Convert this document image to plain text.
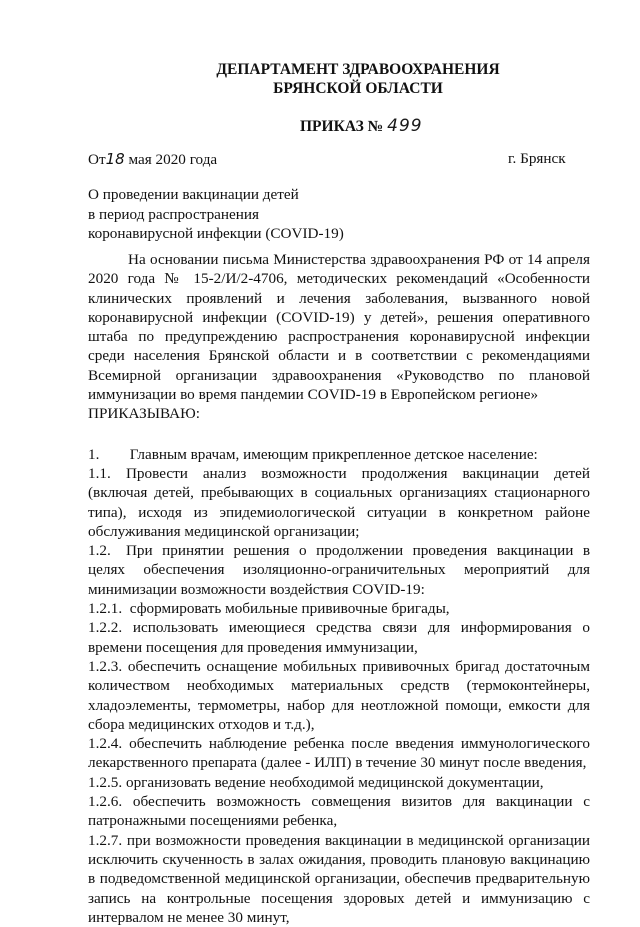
ДЕПАРТАМЕНТ ЗДРАВООХРАНЕНИЯ
БРЯНСКОЙ ОБЛАСТИ
ПРИКАЗ № 499
От18 мая 2020 года	г. Брянск
О проведении вакцинации детей
в период распространения
коронавирусной инфекции (COVID-19)

На основании письма Министерства здравоохранения РФ от 14 апреля 2020 года № 15-2/И/2-4706, методических рекомендаций «Особенности клинических проявлений и лечения заболевания, вызванного новой коронавирусной инфекции (COVID-19) у детей», решения оперативного штаба по предупреждению распространения коронавирусной инфекции среди населения Брянской области и в соответствии с рекомендациями Всемирной организации здравоохранения «Руководство по плановой иммунизации во время пандемии COVID-19 в Европейском регионе»

ПРИКАЗЫВАЮ:

1.  Главным врачам, имеющим прикрепленное детское население:

1.1. Провести анализ возможности продолжения вакцинации детей (включая детей, пребывающих в социальных организациях стационарного типа), исходя из эпидемиологической ситуации в конкретном районе обслуживания медицинской организации;

1.2. При принятии решения о продолжении проведения вакцинации в целях обеспечения изоляционно-ограничительных мероприятий для минимизации возможности воздействия COVID-19:

1.2.1. сформировать мобильные прививочные бригады,

1.2.2. использовать имеющиеся средства связи для информирования о времени посещения для проведения иммунизации,

1.2.3. обеспечить оснащение мобильных прививочных бригад достаточным количеством необходимых материальных средств (термоконтейнеры, хладоэлементы, термометры, набор для неотложной помощи, емкости для сбора медицинских отходов и т.д.),

1.2.4. обеспечить наблюдение ребенка после введения иммунологического лекарственного препарата (далее - ИЛП) в течение 30 минут после введения,

1.2.5. организовать ведение необходимой медицинской документации,

1.2.6. обеспечить возможность совмещения визитов для вакцинации с патронажными посещениями ребенка,

1.2.7. при возможности проведения вакцинации в медицинской организации исключить скученность в залах ожидания, проводить плановую вакцинацию в подведомственной медицинской организации, обеспечив предварительную запись на контрольные посещения здоровых детей и иммунизацию с интервалом не менее 30 минут,
